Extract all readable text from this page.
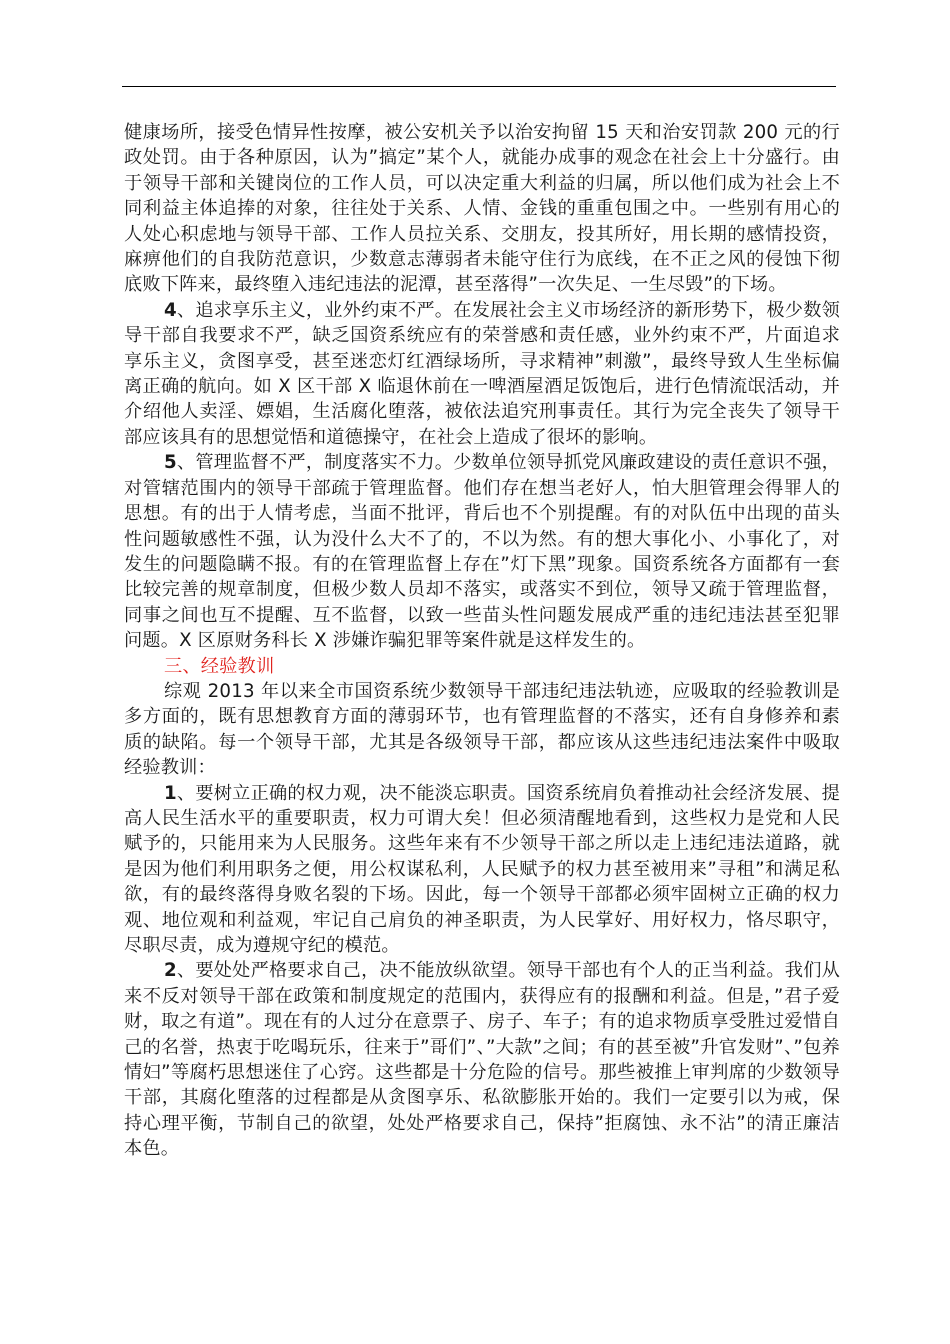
健康场所，接受色情异性按摩，被公安机关予以治安拘留 15 天和治安罚款 200 元的行政处罚。由于各种原因，认为”搞定”某个人，就能办成事的观念在社会上十分盛行。由于领导干部和关键岗位的工作人员，可以决定重大利益的归属，所以他们成为社会上不同利益主体追捧的对象，往往处于关系、人情、金钱的重重包围之中。一些别有用心的人处心积虑地与领导干部、工作人员拉关系、交朋友，投其所好，用长期的感情投资，麻痹他们的自我防范意识，少数意志薄弱者未能守住行为底线，在不正之风的侵蚀下彻底败下阵来，最终堕入违纪违法的泥潭，甚至落得”一次失足、一生尽毁”的下场。

4、追求享乐主义，业外约束不严。在发展社会主义市场经济的新形势下，极少数领导干部自我要求不严，缺乏国资系统应有的荣誉感和责任感，业外约束不严，片面追求享乐主义，贪图享受，甚至迷恋灯红酒绿场所，寻求精神”刺激”，最终导致人生坐标偏离正确的航向。如 X 区干部 X 临退休前在一啤酒屋酒足饭饱后，进行色情流氓活动，并介绍他人卖淫、嫖娼，生活腐化堕落，被依法追究刑事责任。其行为完全丧失了领导干部应该具有的思想觉悟和道德操守，在社会上造成了很坏的影响。

5、管理监督不严，制度落实不力。少数单位领导抓党风廉政建设的责任意识不强，对管辖范围内的领导干部疏于管理监督。他们存在想当老好人，怕大胆管理会得罪人的思想。有的出于人情考虑，当面不批评，背后也不个别提醒。有的对队伍中出现的苗头性问题敏感性不强，认为没什么大不了的，不以为然。有的想大事化小、小事化了，对发生的问题隐瞒不报。有的在管理监督上存在”灯下黑”现象。国资系统各方面都有一套比较完善的规章制度，但极少数人员却不落实，或落实不到位，领导又疏于管理监督，同事之间也互不提醒、互不监督，以致一些苗头性问题发展成严重的违纪违法甚至犯罪问题。X 区原财务科长 X 涉嫌诈骗犯罪等案件就是这样发生的。

三、经验教训

综观 2013 年以来全市国资系统少数领导干部违纪违法轨迹，应吸取的经验教训是多方面的，既有思想教育方面的薄弱环节，也有管理监督的不落实，还有自身修养和素质的缺陷。每一个领导干部，尤其是各级领导干部，都应该从这些违纪违法案件中吸取经验教训：

1、要树立正确的权力观，决不能淡忘职责。国资系统肩负着推动社会经济发展、提高人民生活水平的重要职责，权力可谓大矣！但必须清醒地看到，这些权力是党和人民赋予的，只能用来为人民服务。这些年来有不少领导干部之所以走上违纪违法道路，就是因为他们利用职务之便，用公权谋私利，人民赋予的权力甚至被用来”寻租”和满足私欲，有的最终落得身败名裂的下场。因此，每一个领导干部都必须牢固树立正确的权力观、地位观和利益观，牢记自己肩负的神圣职责，为人民掌好、用好权力，恪尽职守，尽职尽责，成为遵规守纪的模范。

2、要处处严格要求自己，决不能放纵欲望。领导干部也有个人的正当利益。我们从来不反对领导干部在政策和制度规定的范围内，获得应有的报酬和利益。但是，”君子爱财，取之有道”。现在有的人过分在意票子、房子、车子；有的追求物质享受胜过爱惜自己的名誉，热衷于吃喝玩乐，往来于”哥们”、”大款”之间；有的甚至被”升官发财”、”包养情妇”等腐朽思想迷住了心窍。这些都是十分危险的信号。那些被推上审判席的少数领导干部，其腐化堕落的过程都是从贪图享乐、私欲膨胀开始的。我们一定要引以为戒，保持心理平衡，节制自己的欲望，处处严格要求自己，保持”拒腐蚀、永不沾”的清正廉洁本色。
